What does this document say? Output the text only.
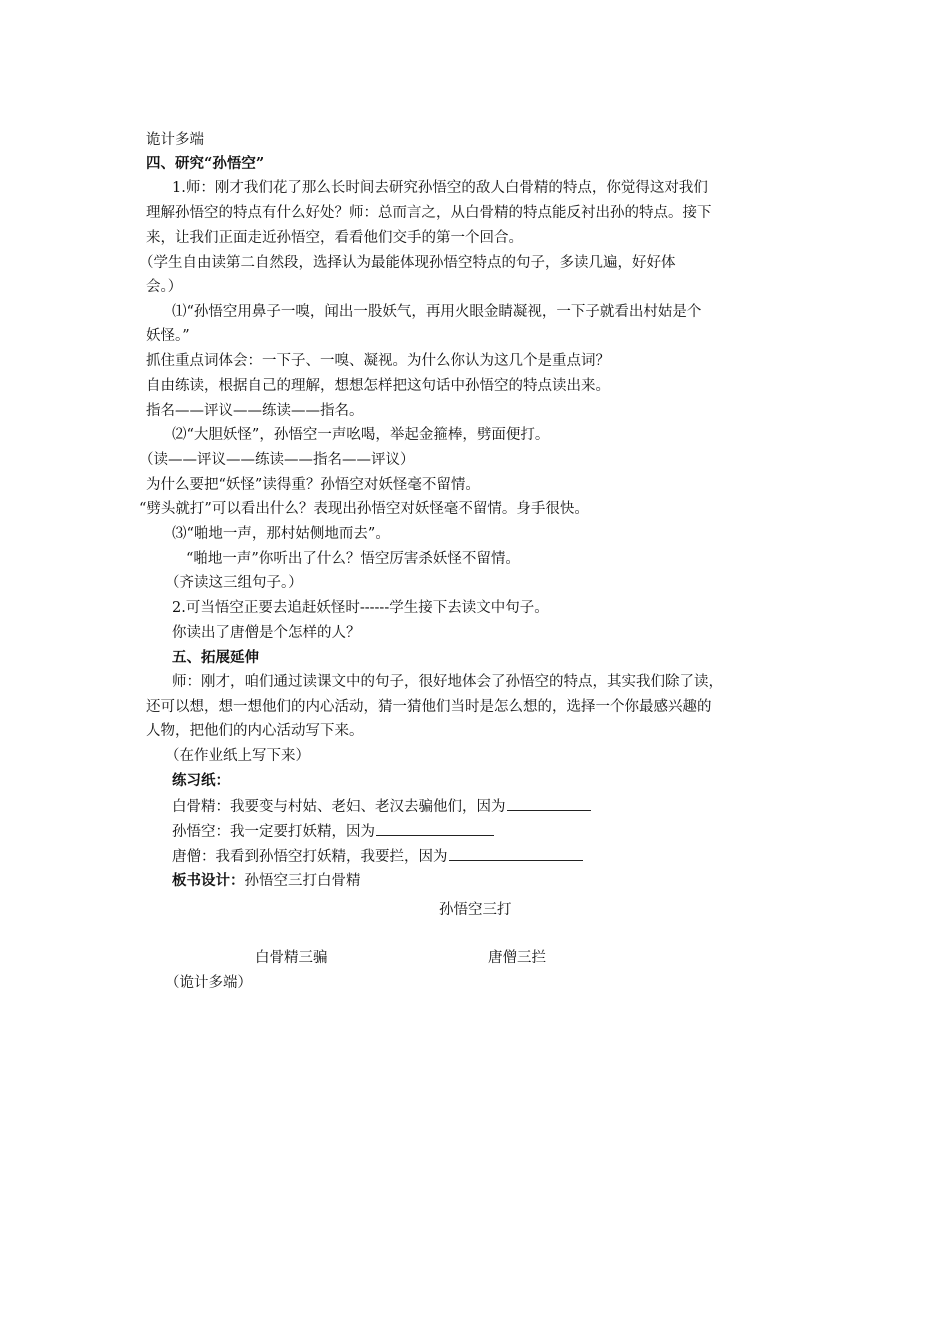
诡计多端
四、研究“孙悟空”
1.师：刚才我们花了那么长时间去研究孙悟空的敌人白骨精的特点，你觉得这对我们
理解孙悟空的特点有什么好处？师：总而言之，从白骨精的特点能反衬出孙的特点。接下
来，让我们正面走近孙悟空，看看他们交手的第一个回合。
（学生自由读第二自然段，选择认为最能体现孙悟空特点的句子，多读几遍，好好体
会。）
⑴“孙悟空用鼻子一嗅，闻出一股妖气，再用火眼金睛凝视，一下子就看出村姑是个
妖怪。”
抓住重点词体会：一下子、一嗅、凝视。为什么你认为这几个是重点词？
自由练读，根据自己的理解，想想怎样把这句话中孙悟空的特点读出来。
指名——评议——练读——指名。
⑵“大胆妖怪”，孙悟空一声吆喝，举起金箍棒，劈面便打。
（读——评议——练读——指名——评议）
为什么要把“妖怪”读得重？孙悟空对妖怪毫不留情。
“劈头就打”可以看出什么？表现出孙悟空对妖怪毫不留情。身手很快。
⑶“啪地一声，那村姑侧地而去”。
“啪地一声”你听出了什么？悟空厉害杀妖怪不留情。
（齐读这三组句子。）
2.可当悟空正要去追赶妖怪时------学生接下去读文中句子。
你读出了唐僧是个怎样的人？
五、拓展延伸
师：刚才，咱们通过读课文中的句子，很好地体会了孙悟空的特点，其实我们除了读，
还可以想，想一想他们的内心活动，猜一猜他们当时是怎么想的，选择一个你最感兴趣的
人物，把他们的内心活动写下来。
（在作业纸上写下来）
练习纸：
白骨精：我要变与村姑、老妇、老汉去骗他们，因为
孙悟空：我一定要打妖精，因为
唐僧：我看到孙悟空打妖精，我要拦，因为
板书设计：孙悟空三打白骨精
孙悟空三打
白骨精三骗	唐僧三拦
（诡计多端）
